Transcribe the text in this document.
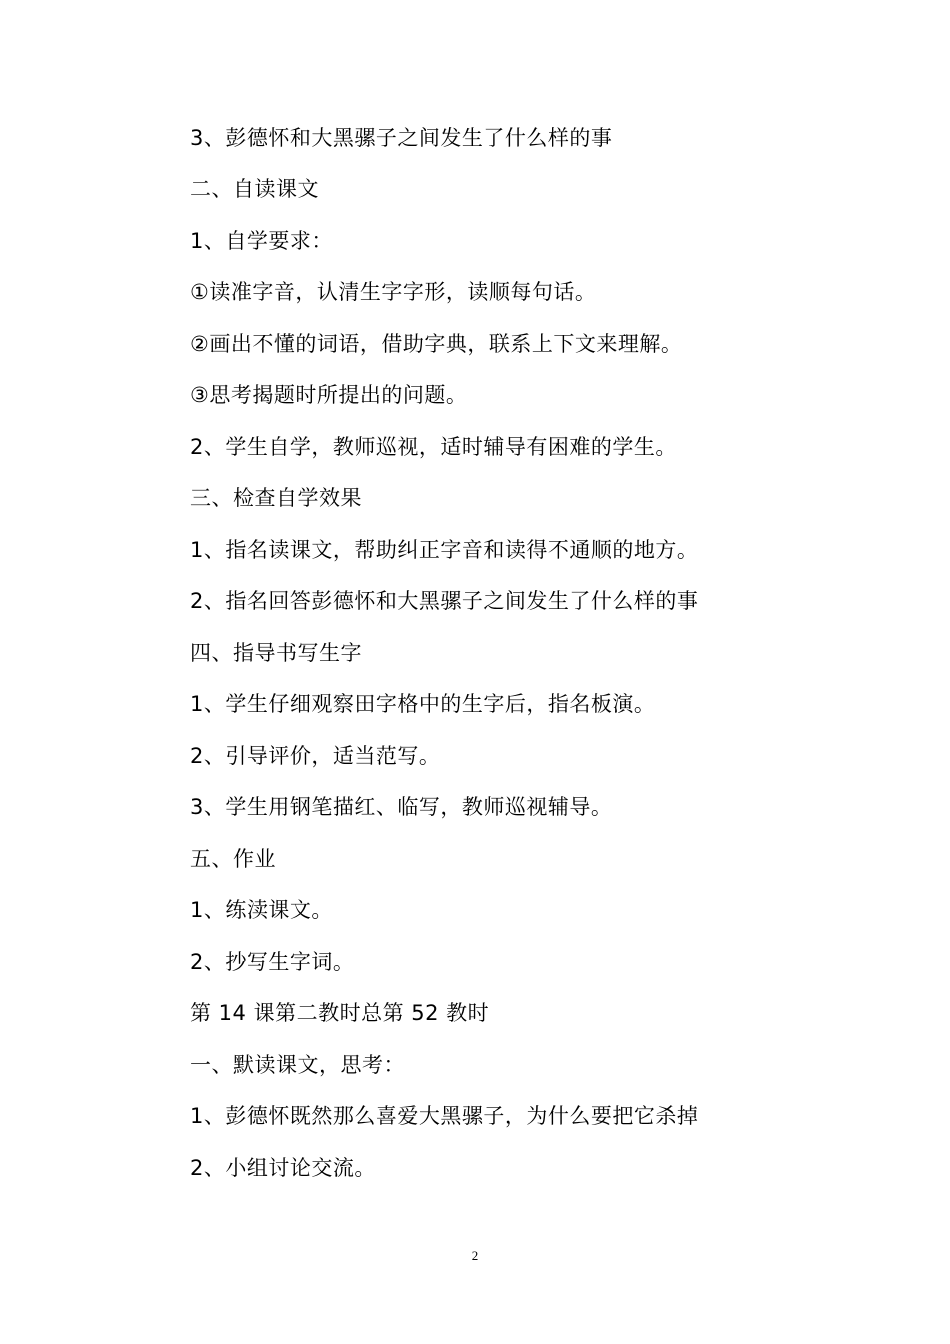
3、彭德怀和大黑骡子之间发生了什么样的事
二、自读课文
1、自学要求：
①读准字音，认清生字字形，读顺每句话。
②画出不懂的词语，借助字典，联系上下文来理解。
③思考揭题时所提出的问题。
2、学生自学，教师巡视，适时辅导有困难的学生。
三、检查自学效果
1、指名读课文，帮助纠正字音和读得不通顺的地方。
2、指名回答彭德怀和大黑骡子之间发生了什么样的事
四、指导书写生字
1、学生仔细观察田字格中的生字后，指名板演。
2、引导评价，适当范写。
3、学生用钢笔描红、临写，教师巡视辅导。
五、作业
1、练渎课文。
2、抄写生字词。
第 14 课第二教时总第 52 教时
一、默读课文，思考：
1、彭德怀既然那么喜爱大黑骡子，为什么要把它杀掉
2、小组讨论交流。
2
